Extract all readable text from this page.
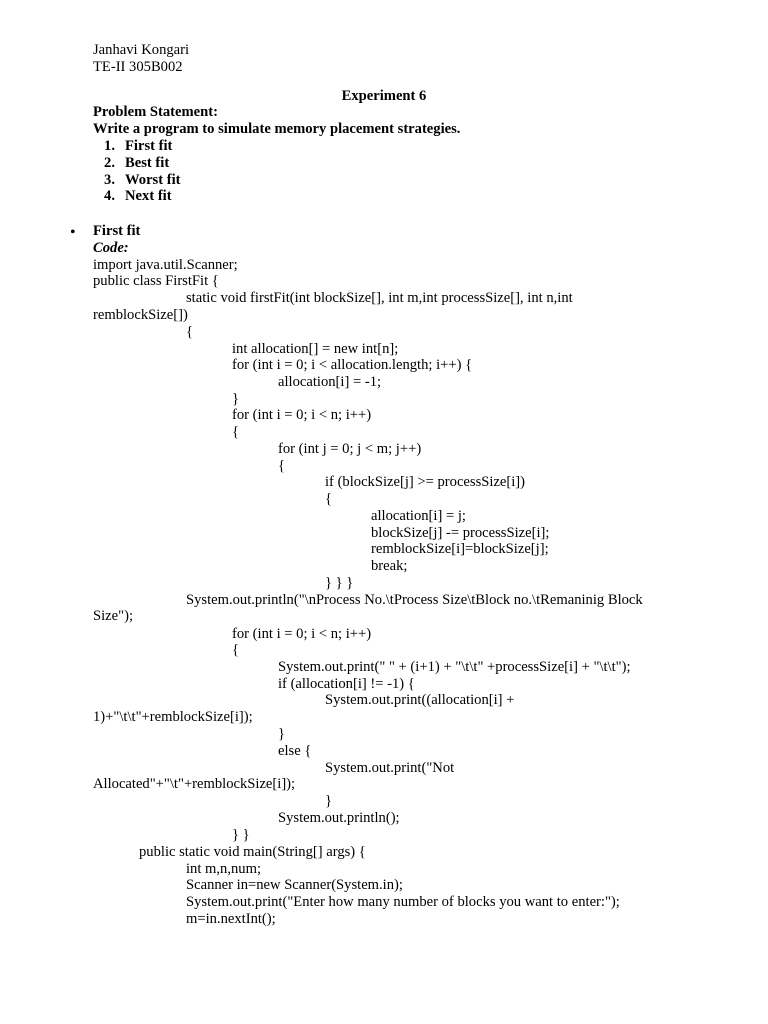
Janhavi Kongari
TE-II 305B002
Experiment 6
Problem Statement:
Write a program to simulate memory placement strategies.
1. First fit
2. Best fit
3. Worst fit
4. Next fit
• First fit
Code:
import java.util.Scanner;
public class FirstFit {
static void firstFit(int blockSize[], int m,int processSize[], int n,int
remblockSize[])
{
int allocation[] = new int[n];
for (int i = 0; i < allocation.length; i++) {
allocation[i] = -1;
}
for (int i = 0; i < n; i++)
{
for (int j = 0; j < m; j++)
{
if (blockSize[j] >= processSize[i])
{
allocation[i] = j;
blockSize[j] -= processSize[i];
remblockSize[i]=blockSize[j];
break;
} } }
System.out.println("\nProcess No.\tProcess Size\tBlock no.\tRemaninig Block
Size");
for (int i = 0; i < n; i++)
{
System.out.print(" " + (i+1) + "\t\t" +processSize[i] + "\t\t");
if (allocation[i] != -1) {
System.out.print((allocation[i] +
1)+"\t\t"+remblockSize[i]);
}
else {
System.out.print("Not
Allocated"+"\t"+remblockSize[i]);
}
System.out.println();
} }
public static void main(String[] args) {
int m,n,num;
Scanner in=new Scanner(System.in);
System.out.print("Enter how many number of blocks you want to enter:");
m=in.nextInt();
